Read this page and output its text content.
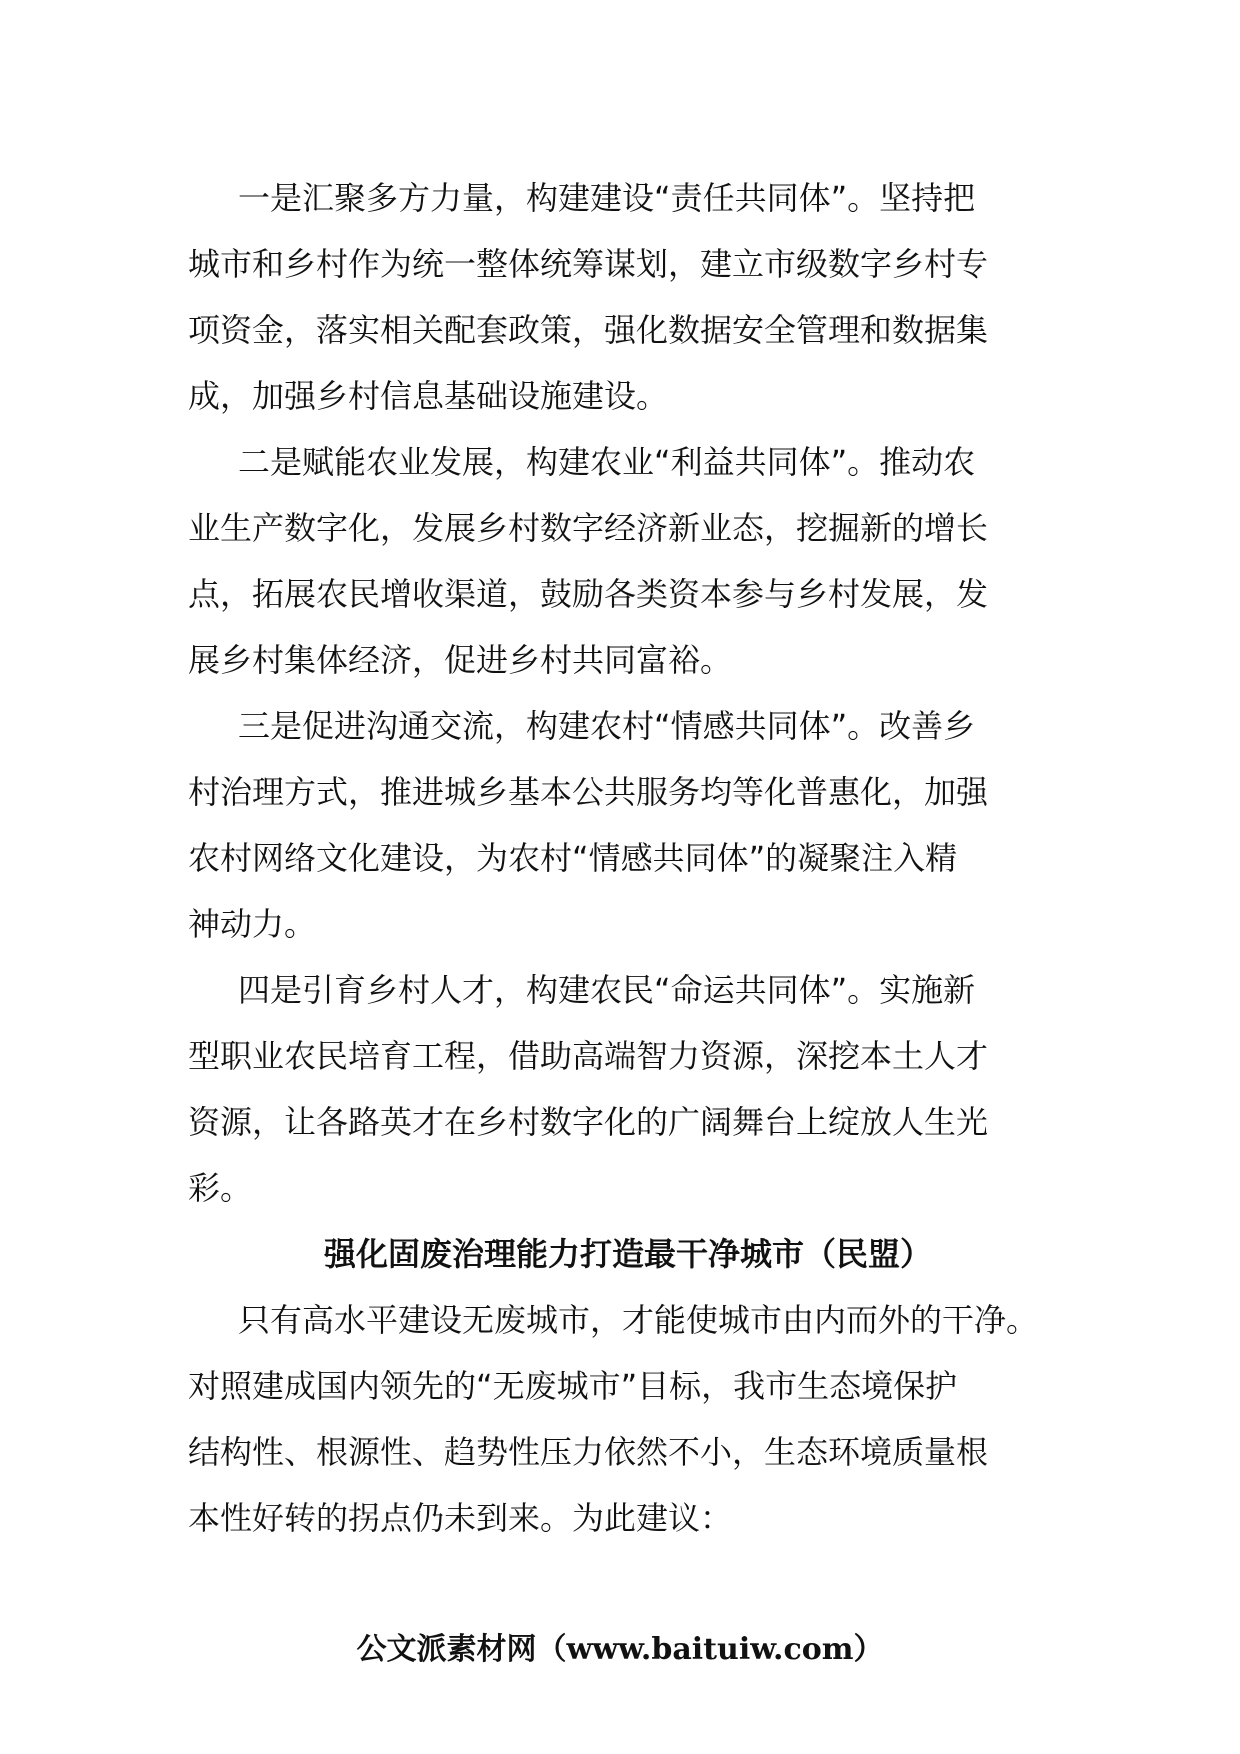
一是汇聚多方力量，构建建设“责任共同体”。坚持把
城市和乡村作为统一整体统筹谋划，建立市级数字乡村专
项资金，落实相关配套政策，强化数据安全管理和数据集
成，加强乡村信息基础设施建设。
二是赋能农业发展，构建农业“利益共同体”。推动农
业生产数字化，发展乡村数字经济新业态，挖掘新的增长
点，拓展农民增收渠道，鼓励各类资本参与乡村发展，发
展乡村集体经济，促进乡村共同富裕。
三是促进沟通交流，构建农村“情感共同体”。改善乡
村治理方式，推进城乡基本公共服务均等化普惠化，加强
农村网络文化建设，为农村“情感共同体”的凝聚注入精
神动力。
四是引育乡村人才，构建农民“命运共同体”。实施新
型职业农民培育工程，借助高端智力资源，深挖本土人才
资源，让各路英才在乡村数字化的广阔舞台上绽放人生光
彩。
强化固废治理能力打造最干净城市（民盟）
只有高水平建设无废城市，才能使城市由内而外的干净。
对照建成国内领先的“无废城市”目标，我市生态境保护
结构性、根源性、趋势性压力依然不小，生态环境质量根
本性好转的拐点仍未到来。为此建议：
公文派素材网（www.baituiw.com）
